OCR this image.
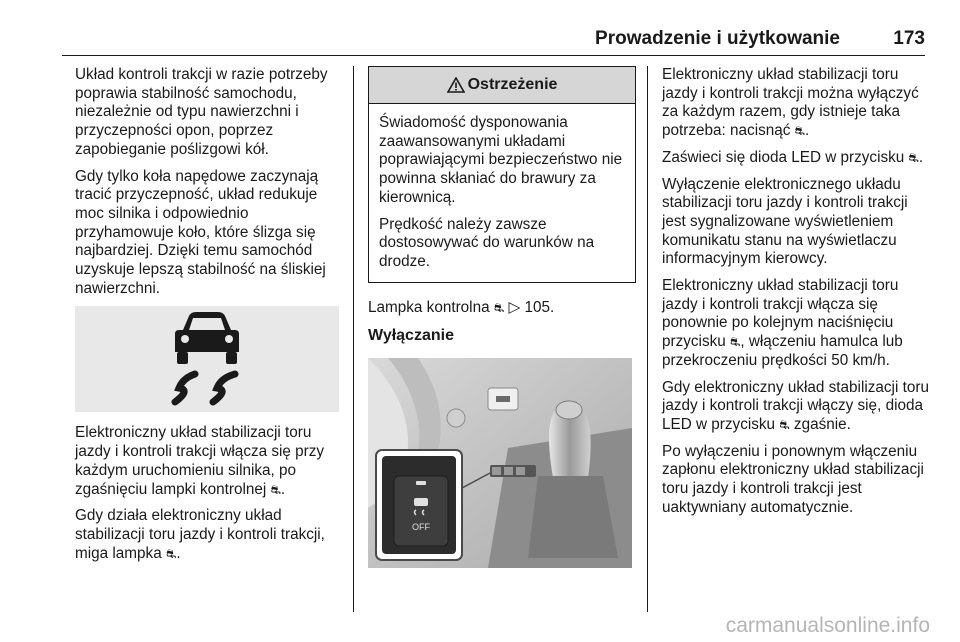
Prowadzenie i użytkowanie	173

Układ kontroli trakcji w razie potrzeby poprawia stabilność samochodu, niezależnie od typu nawierzchni i przyczepności opon, poprzez zapobieganie poślizgowi kół.

Gdy tylko koła napędowe zaczynają tracić przyczepność, układ redukuje moc silnika i odpowiednio przyhamowuje koło, które ślizga się najbardziej. Dzięki temu samochód uzyskuje lepszą stabilność na śliskiej nawierzchni.

Elektroniczny układ stabilizacji toru jazdy i kontroli trakcji włącza się przy każdym uruchomieniu silnika, po zgaśnięciu lampki kontrolnej ⛐.

Gdy działa elektroniczny układ stabilizacji toru jazdy i kontroli trakcji, miga lampka ⛐.

Ostrzeżenie

Świadomość dysponowania zaawansowanymi układami poprawiającymi bezpieczeństwo nie powinna skłaniać do brawury za kierownicą.

Prędkość należy zawsze dostosowywać do warunków na drodze.

Lampka kontrolna ⛐ ▷ 105.

Wyłączanie
OFF

Elektroniczny układ stabilizacji toru jazdy i kontroli trakcji można wyłączyć za każdym razem, gdy istnieje taka potrzeba: nacisnąć ⛐.

Zaświeci się dioda LED w przycisku ⛐.

Wyłączenie elektronicznego układu stabilizacji toru jazdy i kontroli trakcji jest sygnalizowane wyświetleniem komunikatu stanu na wyświetlaczu informacyjnym kierowcy.

Elektroniczny układ stabilizacji toru jazdy i kontroli trakcji włącza się ponownie po kolejnym naciśnięciu przycisku ⛐, włączeniu hamulca lub przekroczeniu prędkości 50 km/h.

Gdy elektroniczny układ stabilizacji toru jazdy i kontroli trakcji włączy się, dioda LED w przycisku ⛐ zgaśnie.

Po wyłączeniu i ponownym włączeniu zapłonu elektroniczny układ stabilizacji toru jazdy i kontroli trakcji jest uaktywniany automatycznie.

carmanualsonline.info
